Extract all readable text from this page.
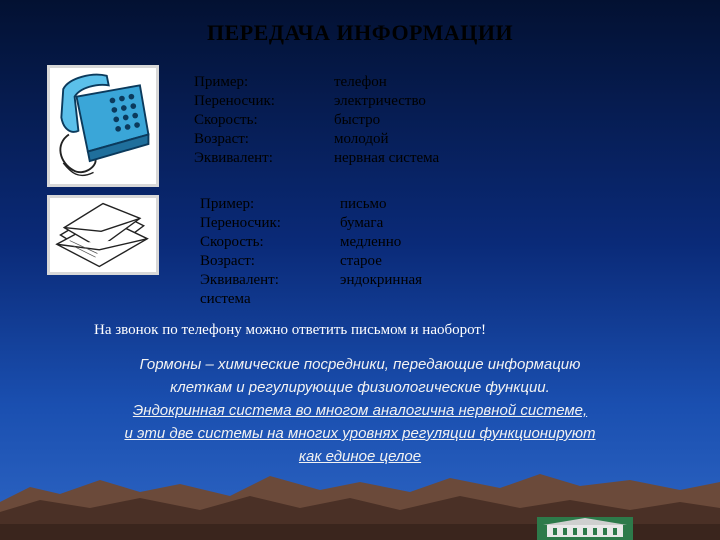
ПЕРЕДАЧА ИНФОРМАЦИИ
Пример:	телефон
Переносчик:	электричество
Скорость:	быстро
Возраст:	молодой
Эквивалент:	нервная система
Пример:	письмо
Переносчик:	бумага
Скорость:	медленно
Возраст:	старое
Эквивалент:	эндокринная
система
На звонок по телефону можно ответить письмом и наоборот!
Гормоны – химические посредники, передающие информацию
клеткам и регулирующие физиологические функции.
Эндокринная система во многом аналогична нервной системе,
и эти две системы на многих уровнях регуляции функционируют
как единое целое
